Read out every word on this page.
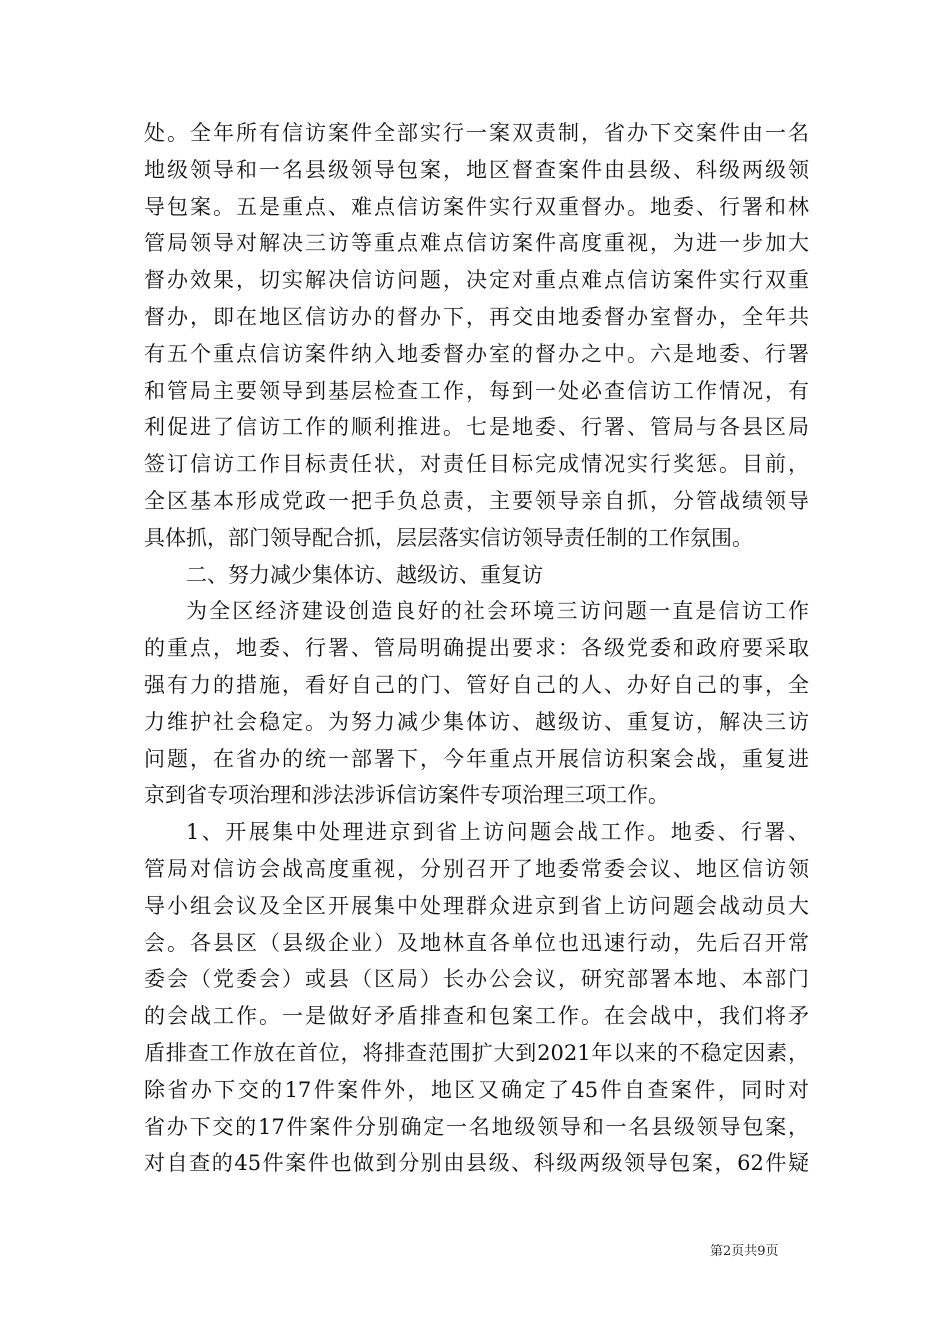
处。全年所有信访案件全部实行一案双责制，省办下交案件由一名
地级领导和一名县级领导包案，地区督查案件由县级、科级两级领
导包案。五是重点、难点信访案件实行双重督办。地委、行署和林
管局领导对解决三访等重点难点信访案件高度重视，为进一步加大
督办效果，切实解决信访问题，决定对重点难点信访案件实行双重
督办，即在地区信访办的督办下，再交由地委督办室督办，全年共
有五个重点信访案件纳入地委督办室的督办之中。六是地委、行署
和管局主要领导到基层检查工作，每到一处必查信访工作情况，有
利促进了信访工作的顺利推进。七是地委、行署、管局与各县区局
签订信访工作目标责任状，对责任目标完成情况实行奖惩。目前，
全区基本形成党政一把手负总责，主要领导亲自抓，分管战绩领导
具体抓，部门领导配合抓，层层落实信访领导责任制的工作氛围。
二、努力减少集体访、越级访、重复访
为全区经济建设创造良好的社会环境三访问题一直是信访工作
的重点，地委、行署、管局明确提出要求：各级党委和政府要采取
强有力的措施，看好自己的门、管好自己的人、办好自己的事，全
力维护社会稳定。为努力减少集体访、越级访、重复访，解决三访
问题，在省办的统一部署下，今年重点开展信访积案会战，重复进
京到省专项治理和涉法涉诉信访案件专项治理三项工作。
1、开展集中处理进京到省上访问题会战工作。地委、行署、
管局对信访会战高度重视，分别召开了地委常委会议、地区信访领
导小组会议及全区开展集中处理群众进京到省上访问题会战动员大
会。各县区（县级企业）及地林直各单位也迅速行动，先后召开常
委会（党委会）或县（区局）长办公会议，研究部署本地、本部门
的会战工作。一是做好矛盾排查和包案工作。在会战中，我们将矛
盾排查工作放在首位，将排查范围扩大到2021年以来的不稳定因素，
除省办下交的17件案件外，地区又确定了45件自查案件，同时对
省办下交的17件案件分别确定一名地级领导和一名县级领导包案，
对自查的45件案件也做到分别由县级、科级两级领导包案，62件疑
第2页共9页
